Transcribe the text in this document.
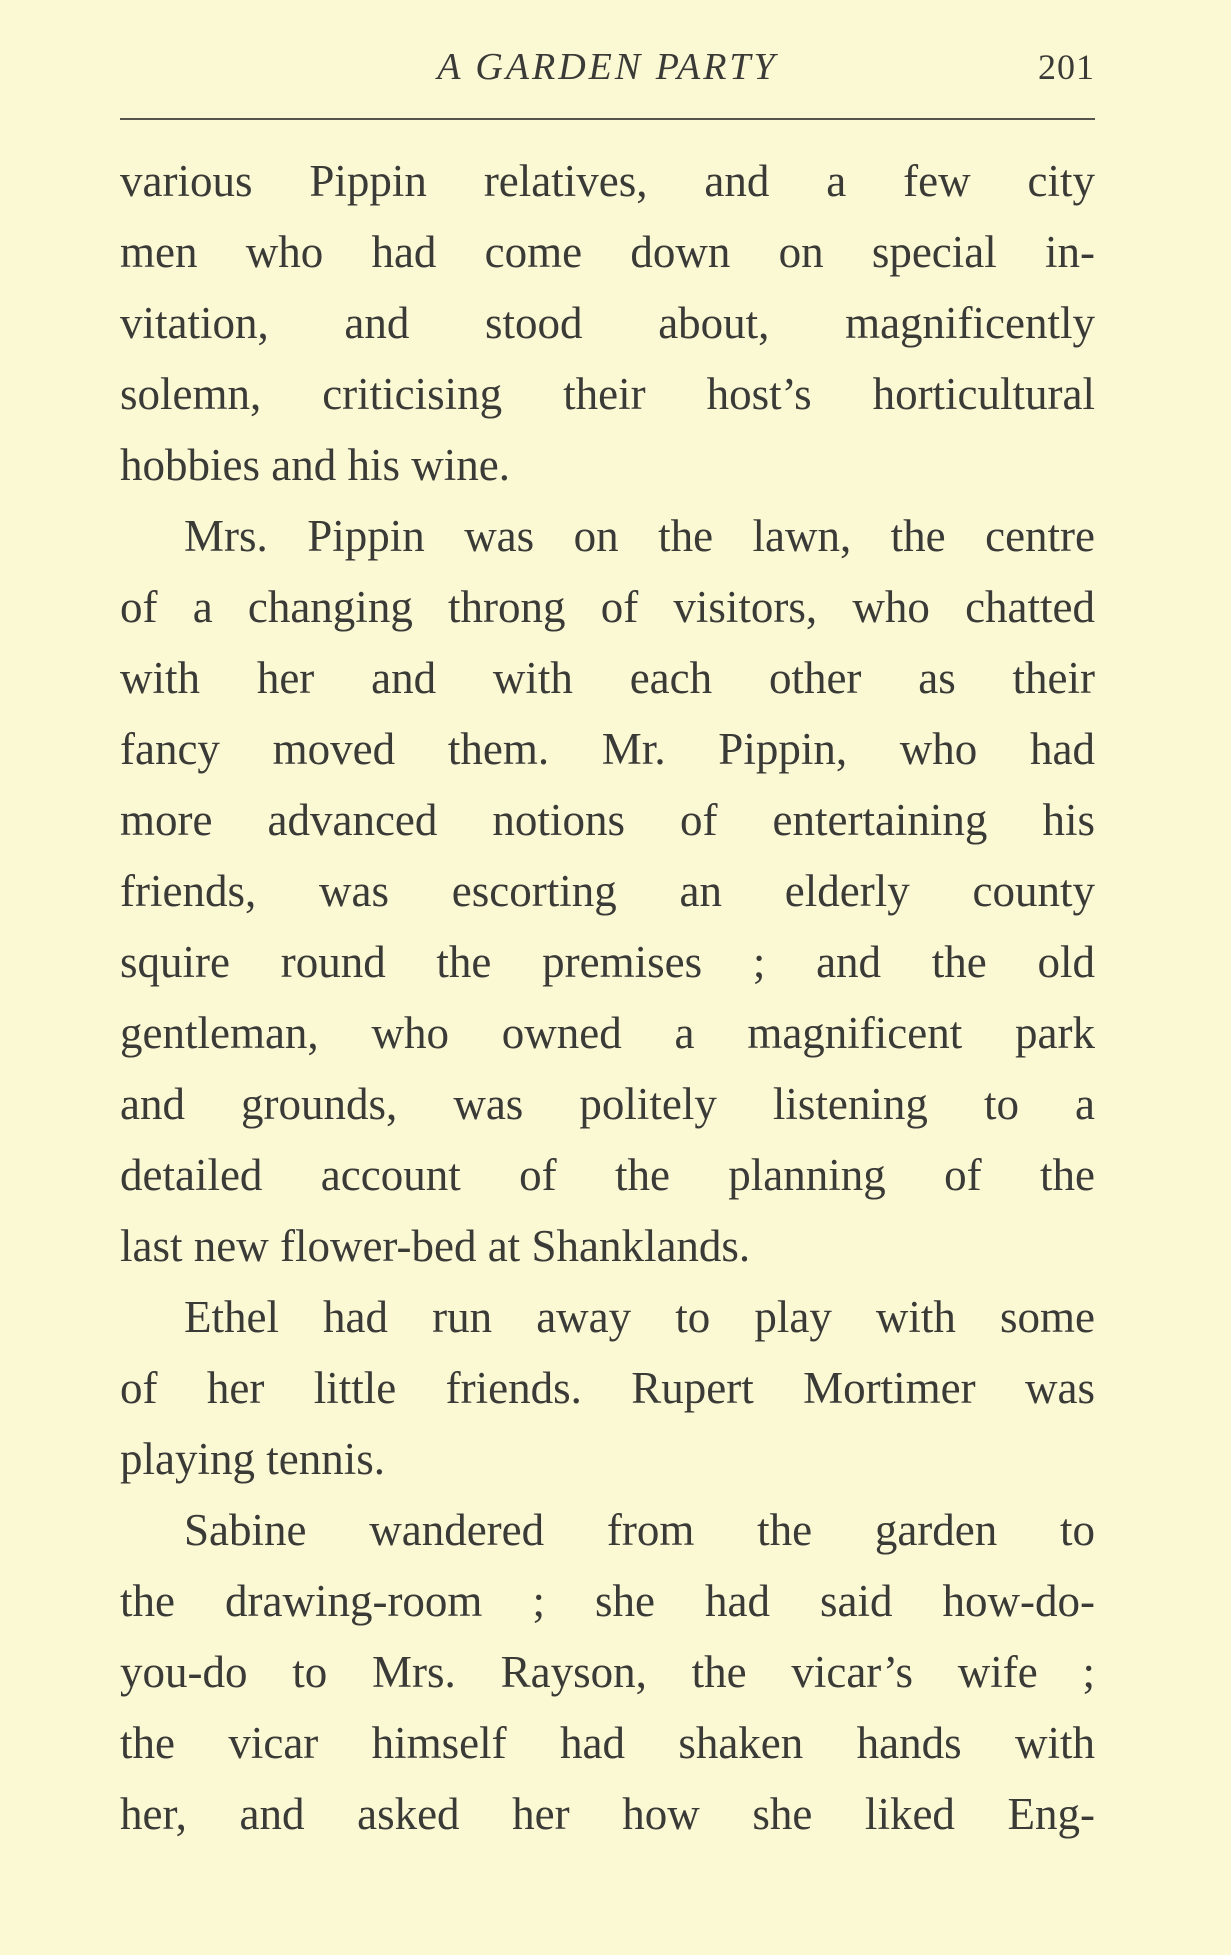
A GARDEN PARTY	201
various Pippin relatives, and a few city
men who had come down on special in-
vitation, and stood about, magnificently
solemn, criticising their host’s horticultural
hobbies and his wine.
Mrs. Pippin was on the lawn, the centre
of a changing throng of visitors, who chatted
with her and with each other as their
fancy moved them. Mr. Pippin, who had
more advanced notions of entertaining his
friends, was escorting an elderly county
squire round the premises ; and the old
gentleman, who owned a magnificent park
and grounds, was politely listening to a
detailed account of the planning of the
last new flower-bed at Shanklands.
Ethel had run away to play with some
of her little friends. Rupert Mortimer was
playing tennis.
Sabine wandered from the garden to
the drawing-room ; she had said how-do-
you-do to Mrs. Rayson, the vicar’s wife ;
the vicar himself had shaken hands with
her, and asked her how she liked Eng-
